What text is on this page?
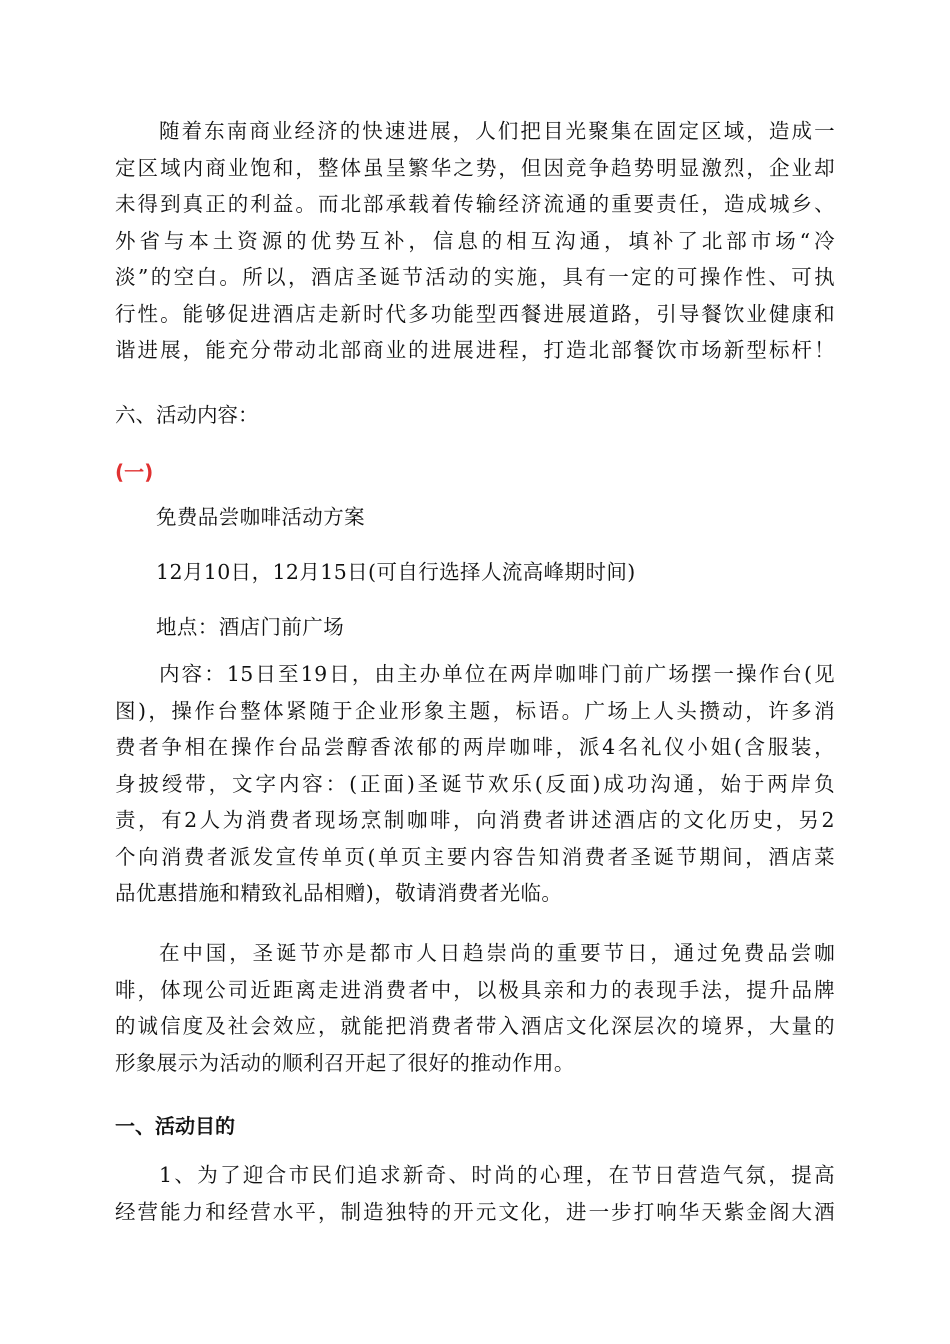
随着东南商业经济的快速进展，人们把目光聚集在固定区域，造成一
定区域内商业饱和，整体虽呈繁华之势，但因竞争趋势明显激烈，企业却
未得到真正的利益。而北部承载着传输经济流通的重要责任，造成城乡、
外省与本土资源的优势互补，信息的相互沟通，填补了北部市场“冷
淡”的空白。所以，酒店圣诞节活动的实施，具有一定的可操作性、可执
行性。能够促进酒店走新时代多功能型西餐进展道路，引导餐饮业健康和
谐进展，能充分带动北部商业的进展进程，打造北部餐饮市场新型标杆！

六、活动内容：

(一)

免费品尝咖啡活动方案

12月10日，12月15日(可自行选择人流高峰期时间)

地点：酒店门前广场

内容：15日至19日，由主办单位在两岸咖啡门前广场摆一操作台(见
图)，操作台整体紧随于企业形象主题，标语。广场上人头攒动，许多消
费者争相在操作台品尝醇香浓郁的两岸咖啡，派4名礼仪小姐(含服装，
身披绶带，文字内容：(正面)圣诞节欢乐(反面)成功沟通，始于两岸负
责，有2人为消费者现场烹制咖啡，向消费者讲述酒店的文化历史，另2
个向消费者派发宣传单页(单页主要内容告知消费者圣诞节期间，酒店菜
品优惠措施和精致礼品相赠)，敬请消费者光临。
在中国，圣诞节亦是都市人日趋崇尚的重要节日，通过免费品尝咖
啡，体现公司近距离走进消费者中，以极具亲和力的表现手法，提升品牌
的诚信度及社会效应，就能把消费者带入酒店文化深层次的境界，大量的
形象展示为活动的顺利召开起了很好的推动作用。

一、活动目的

1、为了迎合市民们追求新奇、时尚的心理，在节日营造气氛，提高
经营能力和经营水平，制造独特的开元文化，进一步打响华天紫金阁大酒
